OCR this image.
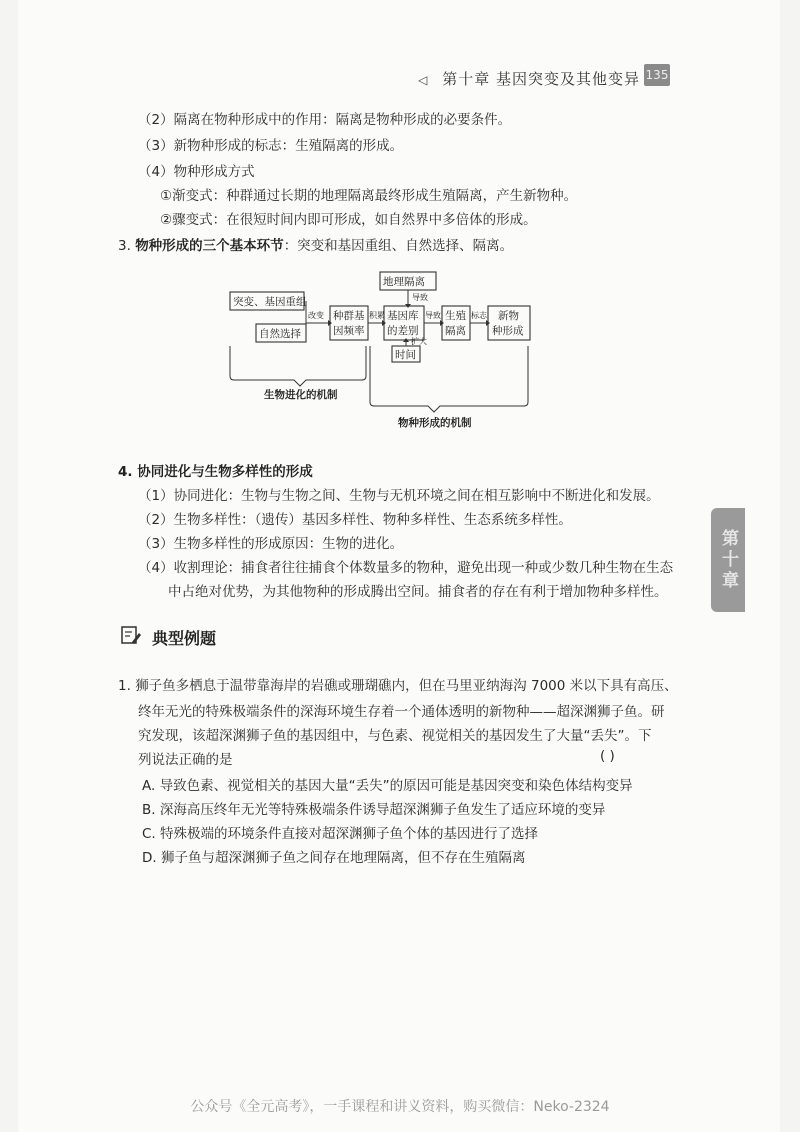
◁ 第十章 基因突变及其他变异 135
（2）隔离在物种形成中的作用：隔离是物种形成的必要条件。
（3）新物种形成的标志：生殖隔离的形成。
（4）物种形成方式
①渐变式：种群通过长期的地理隔离最终形成生殖隔离，产生新物种。
②骤变式：在很短时间内即可形成，如自然界中多倍体的形成。
3. 物种形成的三个基本环节：突变和基因重组、自然选择、隔离。
突变、基因重组
自然选择
改变 种群基
因频率
积累
地理隔离
导致
基因库
的差别
扩大
时间
导致 生殖
隔离
标志 新物
种形成
生物进化的机制
物种形成的机制
4. 协同进化与生物多样性的形成
（1）协同进化：生物与生物之间、生物与无机环境之间在相互影响中不断进化和发展。
（2）生物多样性：（遗传）基因多样性、物种多样性、生态系统多样性。
（3）生物多样性的形成原因：生物的进化。
（4）收割理论：捕食者往往捕食个体数量多的物种，避免出现一种或少数几种生物在生态
中占绝对优势，为其他物种的形成腾出空间。捕食者的存在有利于增加物种多样性。
第十章
典型例题
1. 狮子鱼多栖息于温带靠海岸的岩礁或珊瑚礁内，但在马里亚纳海沟 7000 米以下具有高压、
终年无光的特殊极端条件的深海环境生存着一个通体透明的新物种——超深渊狮子鱼。研
究发现，该超深渊狮子鱼的基因组中，与色素、视觉相关的基因发生了大量“丢失”。下
列说法正确的是	( )
A. 导致色素、视觉相关的基因大量“丢失”的原因可能是基因突变和染色体结构变异
B. 深海高压终年无光等特殊极端条件诱导超深渊狮子鱼发生了适应环境的变异
C. 特殊极端的环境条件直接对超深渊狮子鱼个体的基因进行了选择
D. 狮子鱼与超深渊狮子鱼之间存在地理隔离，但不存在生殖隔离
公众号《全元高考》，一手课程和讲义资料，购买微信：Neko-2324
